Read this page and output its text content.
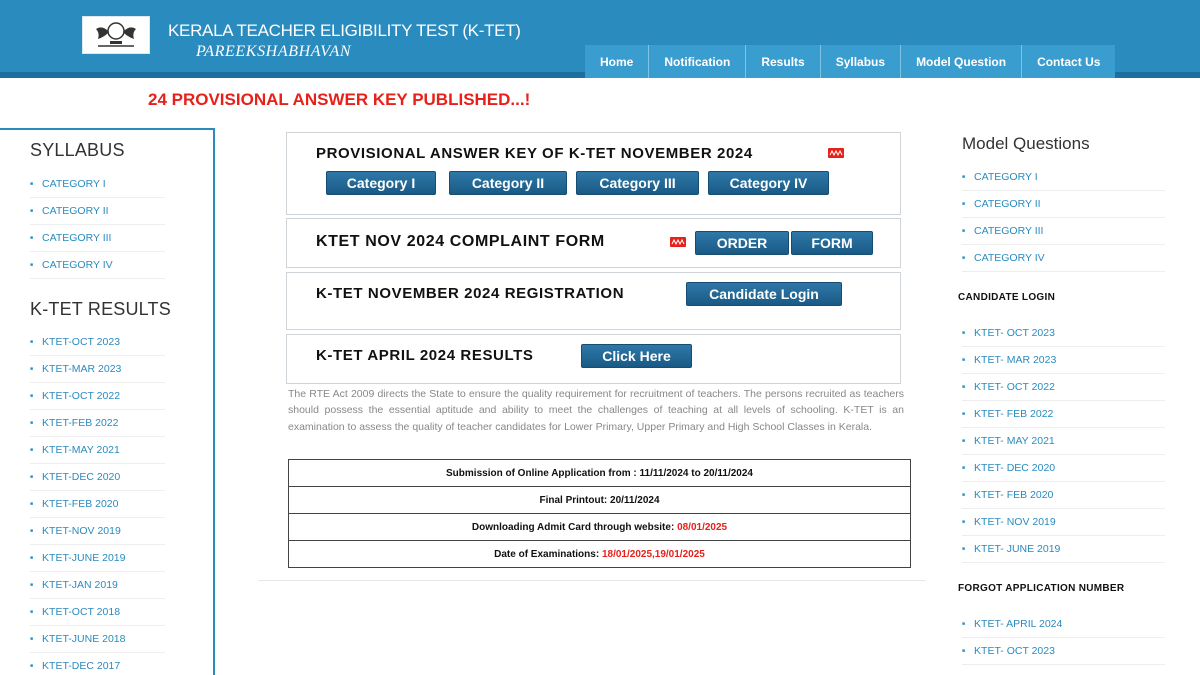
KERALA TEACHER ELIGIBILITY TEST (K-TET)
PAREEKSHABHAVAN
Home	Notification	Results	Syllabus	Model Question	Contact Us
24 PROVISIONAL ANSWER KEY PUBLISHED...!
SYLLABUS
■ CATEGORY I
■ CATEGORY II
■ CATEGORY III
■ CATEGORY IV
K-TET RESULTS
■ KTET-OCT 2023
■ KTET-MAR 2023
■ KTET-OCT 2022
■ KTET-FEB 2022
■ KTET-MAY 2021
■ KTET-DEC 2020
■ KTET-FEB 2020
■ KTET-NOV 2019
■ KTET-JUNE 2019
■ KTET-JAN 2019
■ KTET-OCT 2018
■ KTET-JUNE 2018
■ KTET-DEC 2017
PROVISIONAL ANSWER KEY OF K-TET NOVEMBER 2024
Category I	Category II	Category III	Category IV
KTET NOV 2024 COMPLAINT FORM	ORDER	FORM
K-TET NOVEMBER 2024 REGISTRATION	Candidate Login
K-TET APRIL 2024 RESULTS	Click Here

The RTE Act 2009 directs the State to ensure the quality requirement for recruitment of teachers. The persons recruited as teachers should possess the essential aptitude and ability to meet the challenges of teaching at all levels of schooling. K-TET is an examination to assess the quality of teacher candidates for Lower Primary, Upper Primary and High School Classes in Kerala.

Submission of Online Application from : 11/11/2024 to 20/11/2024
Final Printout: 20/11/2024
Downloading Admit Card through website: 08/01/2025
Date of Examinations: 18/01/2025,19/01/2025
Model Questions
■ CATEGORY I
■ CATEGORY II
■ CATEGORY III
■ CATEGORY IV
CANDIDATE LOGIN
■ KTET- OCT 2023
■ KTET- MAR 2023
■ KTET- OCT 2022
■ KTET- FEB 2022
■ KTET- MAY 2021
■ KTET- DEC 2020
■ KTET- FEB 2020
■ KTET- NOV 2019
■ KTET- JUNE 2019
FORGOT APPLICATION NUMBER
■ KTET- APRIL 2024
■ KTET- OCT 2023
